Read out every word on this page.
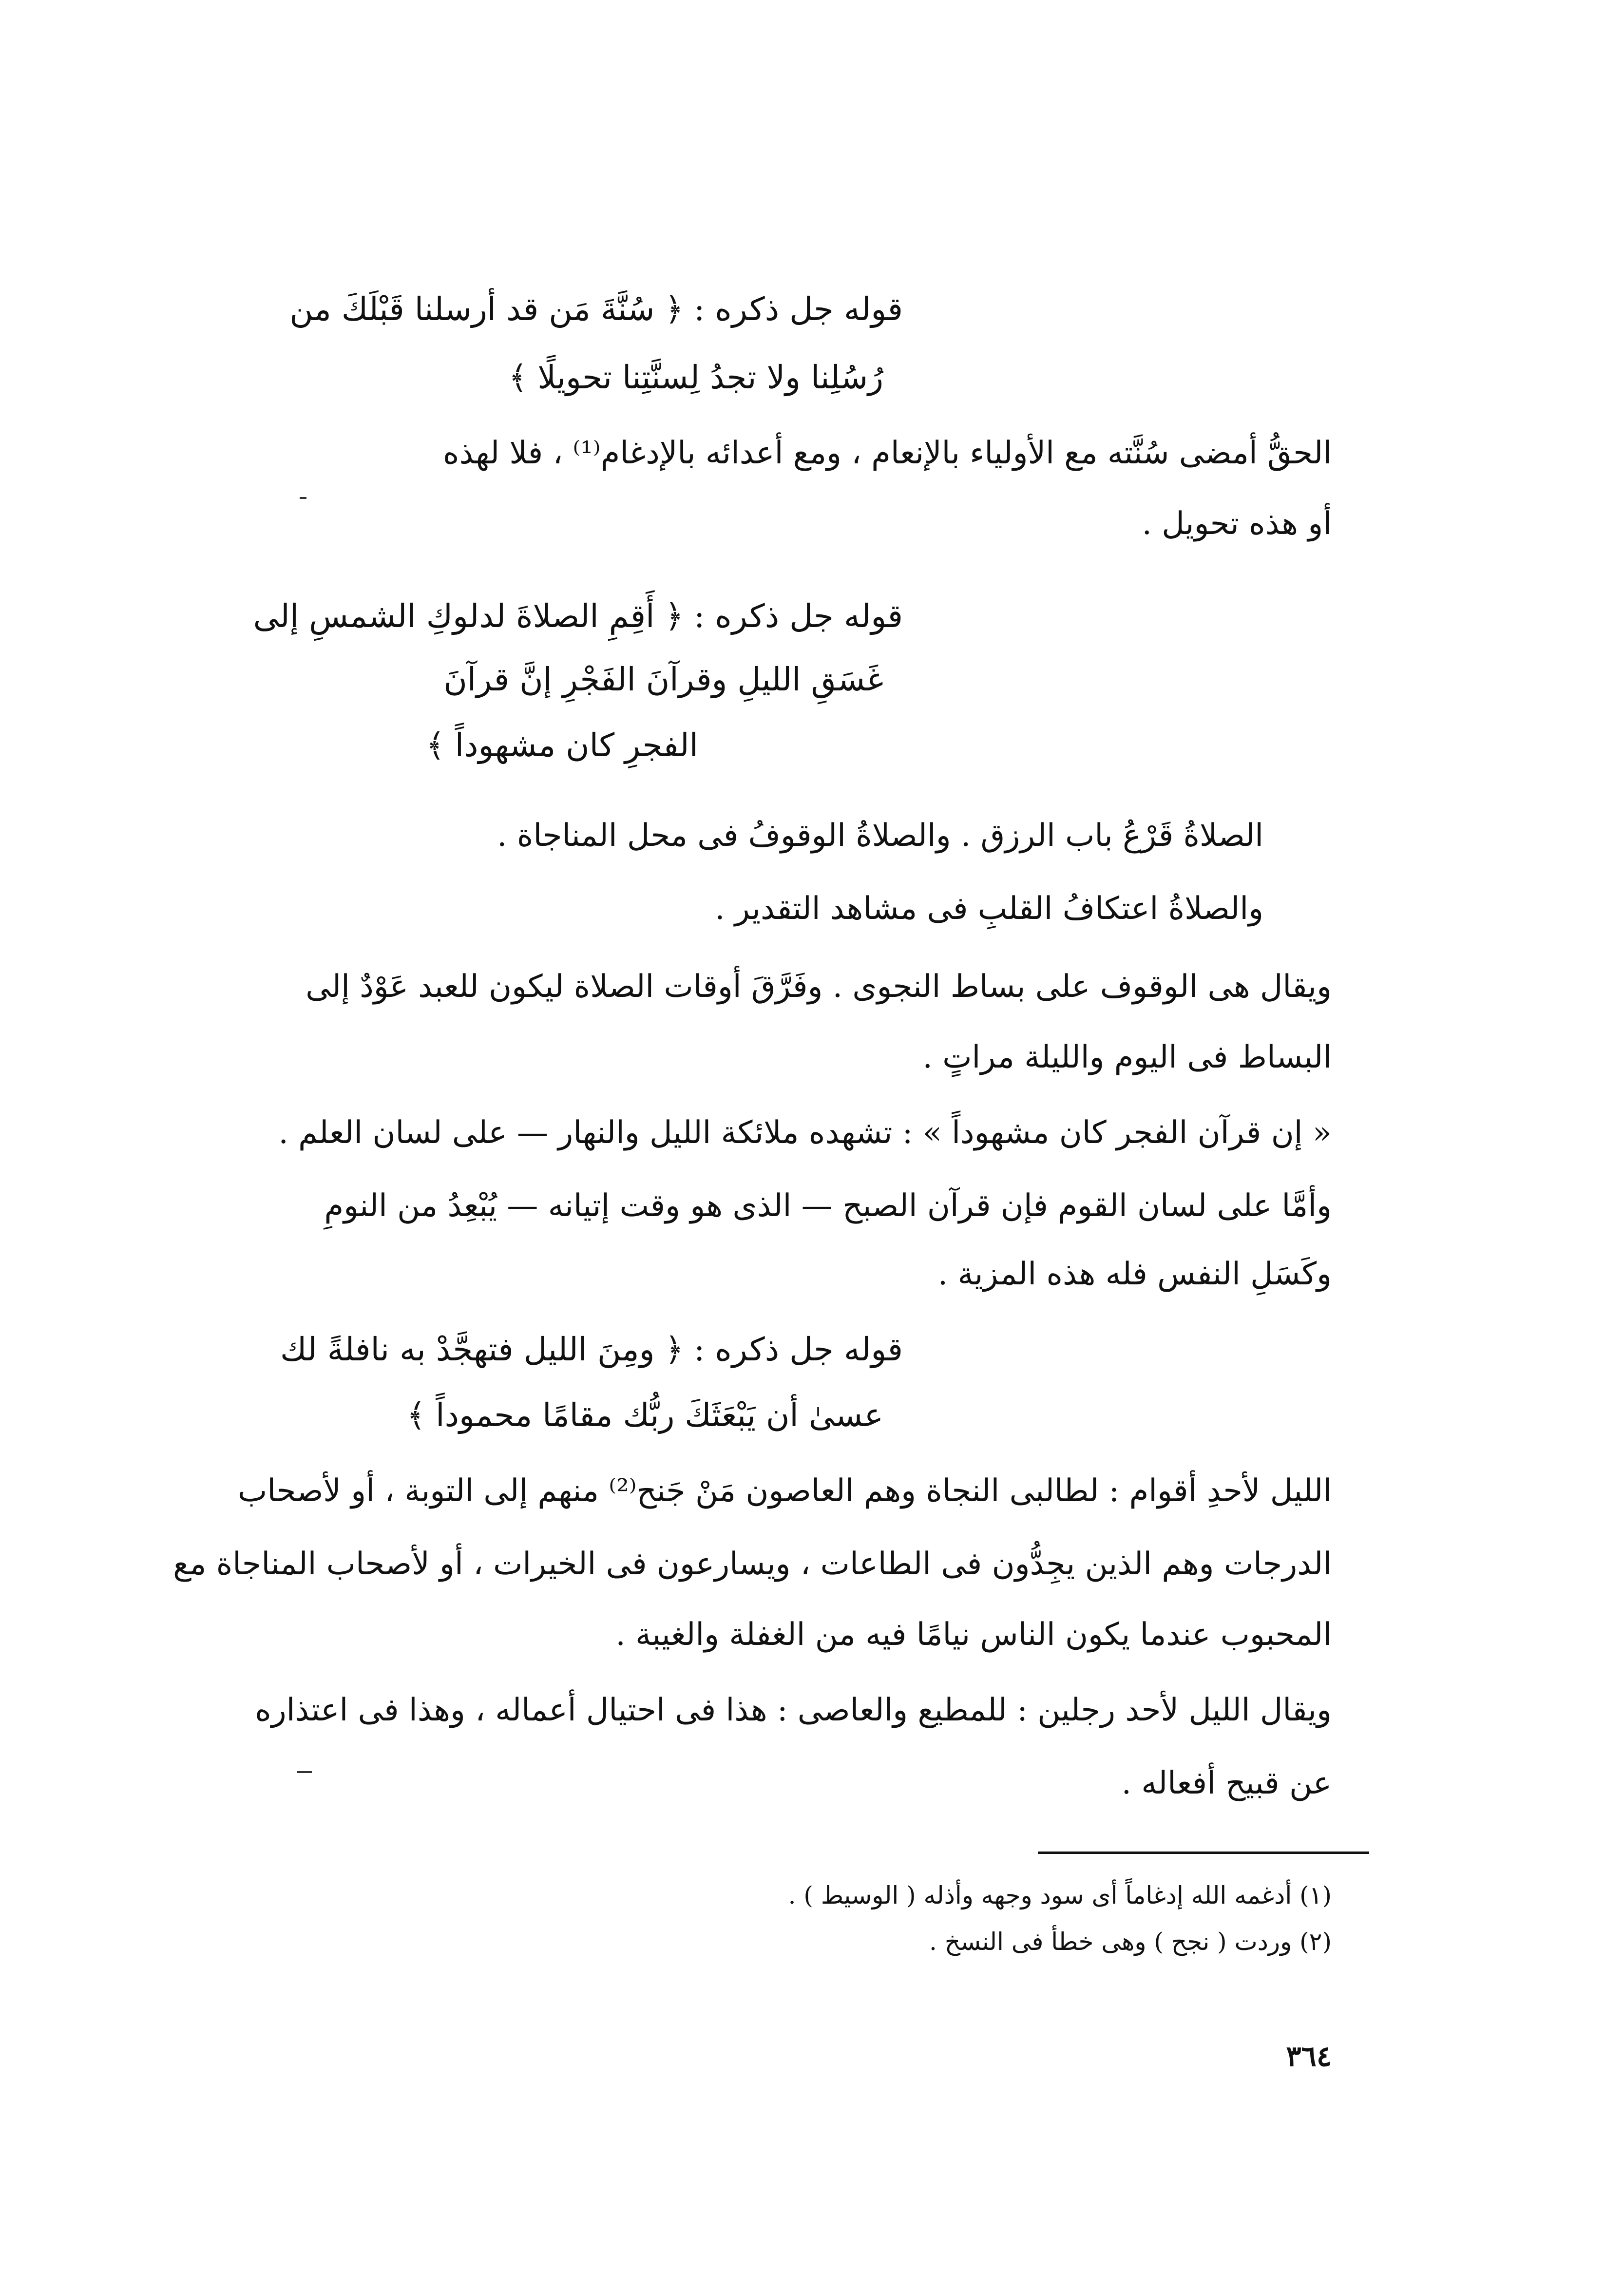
قوله جل ذكره : ﴿ سُنَّةَ مَن قد أرسلنا قَبْلَكَ من
رُسُلِنا ولا تجدُ لِسنَّتِنا تحويلًا ﴾
الحقُّ أمضى سُنَّته مع الأولياء بالإنعام ، ومع أعدائه بالإدغام⁽¹⁾ ، فلا لهذه
أو هذه تحويل .
قوله جل ذكره : ﴿ أَقِمِ الصلاةَ لدلوكِ الشمسِ إلى
غَسَقِ الليلِ وقرآنَ الفَجْرِ إنَّ قرآنَ
الفجرِ كان مشهوداً ﴾
الصلاةُ قَرْعُ باب الرزق . والصلاةُ الوقوفُ فى محل المناجاة .
والصلاةُ اعتكافُ القلبِ فى مشاهد التقدير .
ويقال هى الوقوف على بساط النجوى . وفَرَّقَ أوقات الصلاة ليكون للعبد عَوْدٌ إلى
البساط فى اليوم والليلة مراتٍ .
« إن قرآن الفجر كان مشهوداً » : تشهده ملائكة الليل والنهار — على لسان العلم .
وأمَّا على لسان القوم فإن قرآن الصبح — الذى هو وقت إتيانه — يُبْعِدُ من النومِ
وكَسَلِ النفس فله هذه المزية .
قوله جل ذكره : ﴿ ومِنَ الليل فتهجَّدْ به نافلةً لك
عسىٰ أن يَبْعَثَكَ ربُّك مقامًا محموداً ﴾
الليل لأحدِ أقوام : لطالبى النجاة وهم العاصون مَنْ جَنح⁽²⁾ منهم إلى التوبة ، أو لأصحاب
الدرجات وهم الذين يجِدُّون فى الطاعات ، ويسارعون فى الخيرات ، أو لأصحاب المناجاة مع
المحبوب عندما يكون الناس نيامًا فيه من الغفلة والغيبة .
ويقال الليل لأحد رجلين : للمطيع والعاصى : هذا فى احتيال أعماله ، وهذا فى اعتذاره
عن قبيح أفعاله .
(١) أدغمه الله إدغاماً أى سود وجهه وأذله ( الوسيط ) .
(٢) وردت ( نجح ) وهى خطأ فى النسخ .
٣٦٤
